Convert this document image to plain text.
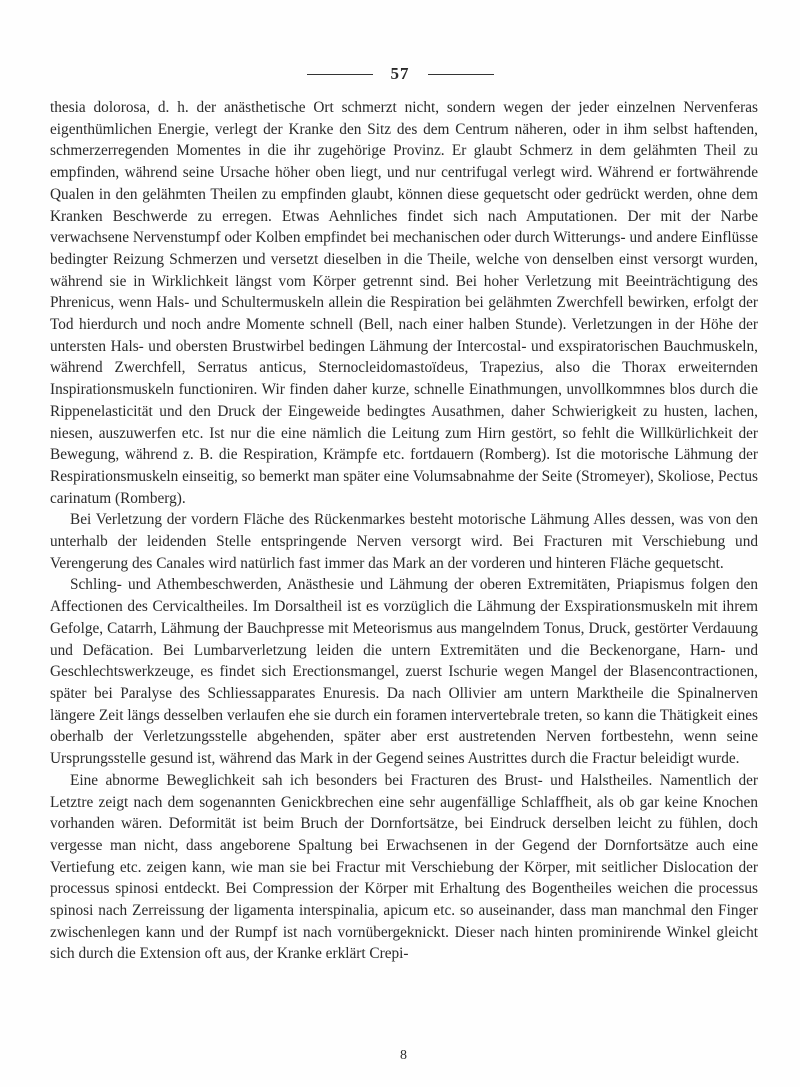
57

thesia dolorosa, d. h. der anästhetische Ort schmerzt nicht, sondern wegen der jeder einzelnen Nervenferas eigenthümlichen Energie, verlegt der Kranke den Sitz des dem Centrum näheren, oder in ihm selbst haftenden, schmerzerregenden Momentes in die ihr zugehörige Provinz. Er glaubt Schmerz in dem gelähmten Theil zu empfinden, während seine Ursache höher oben liegt, und nur centrifugal verlegt wird. Während er fortwährende Qualen in den gelähmten Theilen zu empfinden glaubt, können diese gequetscht oder gedrückt werden, ohne dem Kranken Beschwerde zu erregen. Etwas Aehnliches findet sich nach Amputationen. Der mit der Narbe verwachsene Nervenstumpf oder Kolben empfindet bei mechanischen oder durch Witterungs- und andere Einflüsse bedingter Reizung Schmerzen und versetzt dieselben in die Theile, welche von denselben einst versorgt wurden, während sie in Wirklichkeit längst vom Körper getrennt sind. Bei hoher Verletzung mit Beeinträchtigung des Phrenicus, wenn Hals- und Schultermuskeln allein die Respiration bei gelähmten Zwerchfell bewirken, erfolgt der Tod hierdurch und noch andre Momente schnell (Bell, nach einer halben Stunde). Verletzungen in der Höhe der untersten Hals- und obersten Brustwirbel bedingen Lähmung der Intercostal- und exspiratorischen Bauchmuskeln, während Zwerchfell, Serratus anticus, Sternocleidomastoïdeus, Trapezius, also die Thorax erweiternden Inspirationsmuskeln functioniren. Wir finden daher kurze, schnelle Einathmungen, unvollkommnes blos durch die Rippenelasticität und den Druck der Eingeweide bedingtes Ausathmen, daher Schwierigkeit zu husten, lachen, niesen, auszuwerfen etc. Ist nur die eine nämlich die Leitung zum Hirn gestört, so fehlt die Willkürlichkeit der Bewegung, während z. B. die Respiration, Krämpfe etc. fortdauern (Romberg). Ist die motorische Lähmung der Respirationsmuskeln einseitig, so bemerkt man später eine Volumsabnahme der Seite (Stromeyer), Skoliose, Pectus carinatum (Romberg).

Bei Verletzung der vordern Fläche des Rückenmarkes besteht motorische Lähmung Alles dessen, was von den unterhalb der leidenden Stelle entspringende Nerven versorgt wird. Bei Fracturen mit Verschiebung und Verengerung des Canales wird natürlich fast immer das Mark an der vorderen und hinteren Fläche gequetscht.

Schling- und Athembeschwerden, Anästhesie und Lähmung der oberen Extremitäten, Priapismus folgen den Affectionen des Cervicaltheiles. Im Dorsaltheil ist es vorzüglich die Lähmung der Exspirationsmuskeln mit ihrem Gefolge, Catarrh, Lähmung der Bauchpresse mit Meteorismus aus mangelndem Tonus, Druck, gestörter Verdauung und Defäcation. Bei Lumbarverletzung leiden die untern Extremitäten und die Beckenorgane, Harn- und Geschlechtswerkzeuge, es findet sich Erectionsmangel, zuerst Ischurie wegen Mangel der Blasencontractionen, später bei Paralyse des Schliessapparates Enuresis. Da nach Ollivier am untern Marktheile die Spinalnerven längere Zeit längs desselben verlaufen ehe sie durch ein foramen intervertebrale treten, so kann die Thätigkeit eines oberhalb der Verletzungsstelle abgehenden, später aber erst austretenden Nerven fortbestehn, wenn seine Ursprungsstelle gesund ist, während das Mark in der Gegend seines Austrittes durch die Fractur beleidigt wurde.

Eine abnorme Beweglichkeit sah ich besonders bei Fracturen des Brust- und Halstheiles. Namentlich der Letztre zeigt nach dem sogenannten Genickbrechen eine sehr augenfällige Schlaffheit, als ob gar keine Knochen vorhanden wären. Deformität ist beim Bruch der Dornfortsätze, bei Eindruck derselben leicht zu fühlen, doch vergesse man nicht, dass angeborene Spaltung bei Erwachsenen in der Gegend der Dornfortsätze auch eine Vertiefung etc. zeigen kann, wie man sie bei Fractur mit Verschiebung der Körper, mit seitlicher Dislocation der processus spinosi entdeckt. Bei Compression der Körper mit Erhaltung des Bogentheiles weichen die processus spinosi nach Zerreissung der ligamenta interspinalia, apicum etc. so auseinander, dass man manchmal den Finger zwischenlegen kann und der Rumpf ist nach vornübergeknickt. Dieser nach hinten prominirende Winkel gleicht sich durch die Extension oft aus, der Kranke erklärt Crepi-

8
